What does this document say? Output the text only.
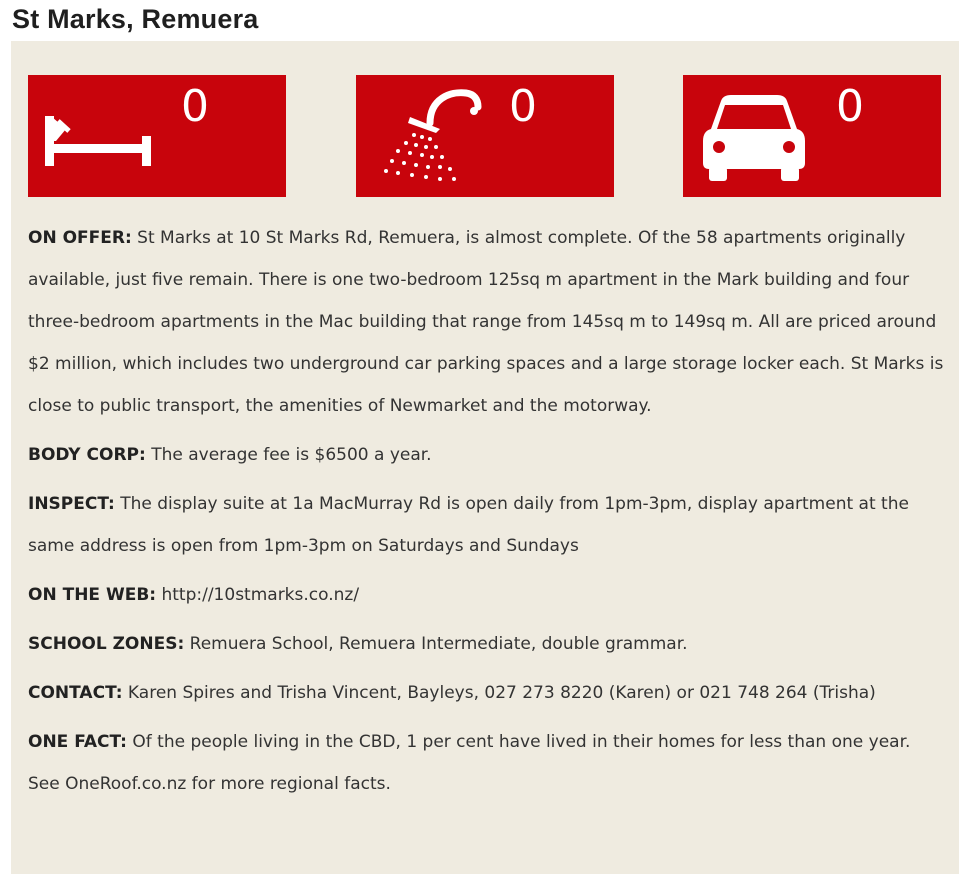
St Marks, Remuera
0	0	0

ON OFFER: St Marks at 10 St Marks Rd, Remuera, is almost complete. Of the 58 apartments originally available, just five remain. There is one two-bedroom 125sq m apartment in the Mark building and four three-bedroom apartments in the Mac building that range from 145sq m to 149sq m. All are priced around $2 million, which includes two underground car parking spaces and a large storage locker each. St Marks is close to public transport, the amenities of Newmarket and the motorway.

BODY CORP: The average fee is $6500 a year.

INSPECT: The display suite at 1a MacMurray Rd is open daily from 1pm-3pm, display apartment at the same address is open from 1pm-3pm on Saturdays and Sundays

ON THE WEB: http://10stmarks.co.nz/

SCHOOL ZONES: Remuera School, Remuera Intermediate, double grammar.

CONTACT: Karen Spires and Trisha Vincent, Bayleys, 027 273 8220 (Karen) or 021 748 264 (Trisha)

ONE FACT: Of the people living in the CBD, 1 per cent have lived in their homes for less than one year. See OneRoof.co.nz for more regional facts.
